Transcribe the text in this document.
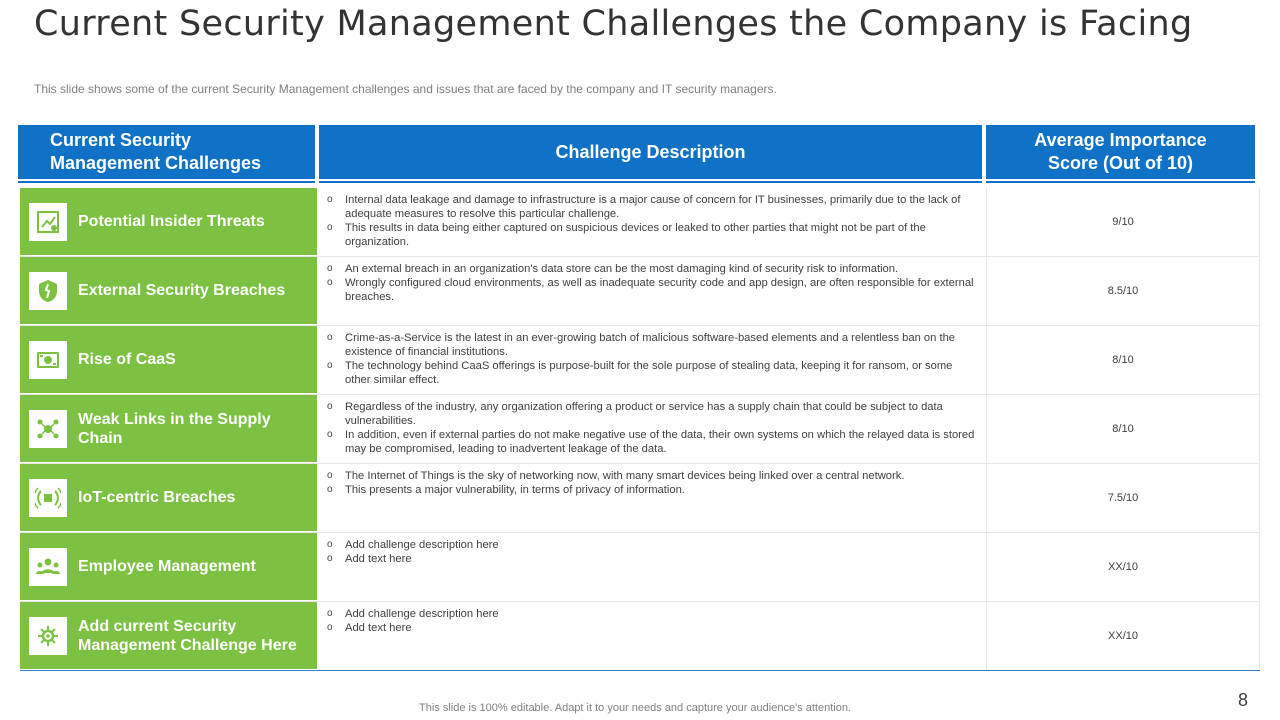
Current Security Management Challenges the Company is Facing
This slide shows some of the current Security Management challenges and issues that are faced by the company and IT security managers.
Current Security Management Challenges
Challenge Description
Average Importance Score (Out of 10)
Potential Insider Threats
o Internal data leakage and damage to infrastructure is a major cause of concern for IT businesses, primarily due to the lack of adequate measures to resolve this particular challenge.
o This results in data being either captured on suspicious devices or leaked to other parties that might not be part of the organization.
9/10
External Security Breaches
o An external breach in an organization's data store can be the most damaging kind of security risk to information.
o Wrongly configured cloud environments, as well as inadequate security code and app design, are often responsible for external breaches.	8.5/10
Rise of CaaS
o Crime-as-a-Service is the latest in an ever-growing batch of malicious software-based elements and a relentless ban on the existence of financial institutions.
o The technology behind CaaS offerings is purpose-built for the sole purpose of stealing data, keeping it for ransom, or some other similar effect.
8/10
Weak Links in the Supply Chain
o Regardless of the industry, any organization offering a product or service has a supply chain that could be subject to data vulnerabilities.
o In addition, even if external parties do not make negative use of the data, their own systems on which the relayed data is stored may be compromised, leading to inadvertent leakage of the data.
8/10
IoT-centric Breaches
o The Internet of Things is the sky of networking now, with many smart devices being linked over a central network.
o This presents a major vulnerability, in terms of privacy of information.
7.5/10
Employee Management
o Add challenge description here
o Add text here
XX/10
Add current Security Management Challenge Here
o Add challenge description here
o Add text here
XX/10
This slide is 100% editable. Adapt it to your needs and capture your audience's attention.	8
